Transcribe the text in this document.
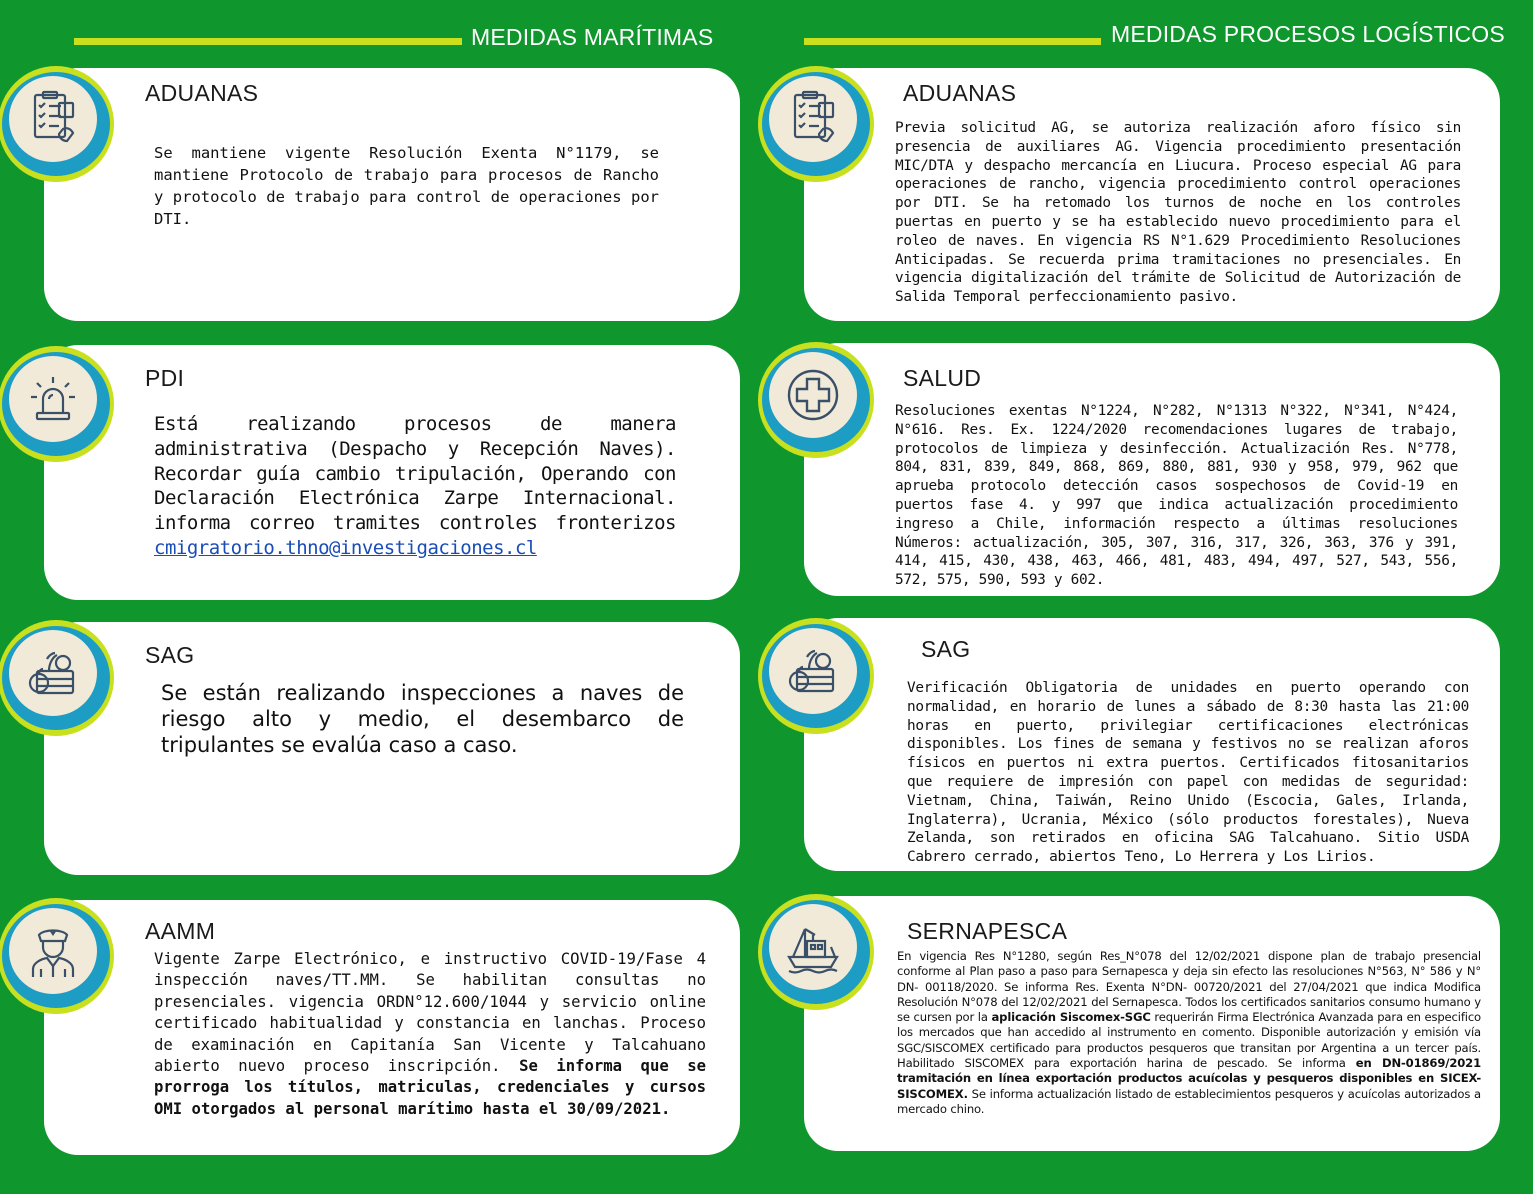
MEDIDAS MARÍTIMAS	MEDIDAS PROCESOS LOGÍSTICOS
ADUANAS
Se mantiene vigente Resolución Exenta N°1179, se mantiene Protocolo de trabajo para procesos de Rancho y protocolo de trabajo para control de operaciones por DTI.
PDI
Está realizando procesos de manera administrativa (Despacho y Recepción Naves). Recordar guía cambio tripulación, Operando con Declaración Electrónica Zarpe Internacional. informa correo tramites controles fronterizos cmigratorio.thno@investigaciones.cl
SAG
Se están realizando inspecciones a naves de riesgo alto y medio, el desembarco de tripulantes se evalúa caso a caso.
AAMM
Vigente Zarpe Electrónico, e instructivo COVID-19/Fase 4 inspección naves/TT.MM. Se habilitan consultas no presenciales. vigencia ORDN°12.600/1044 y servicio online certificado habitualidad y constancia en lanchas. Proceso de examinación en Capitanía San Vicente y Talcahuano abierto nuevo proceso inscripción. Se informa que se prorroga los títulos, matriculas, credenciales y cursos OMI otorgados al personal marítimo hasta el 30/09/2021.
ADUANAS
Previa solicitud AG, se autoriza realización aforo físico sin presencia de auxiliares AG. Vigencia procedimiento presentación MIC/DTA y despacho mercancía en Liucura. Proceso especial AG para operaciones de rancho, vigencia procedimiento control operaciones por DTI. Se ha retomado los turnos de noche en los controles puertas en puerto y se ha establecido nuevo procedimiento para el roleo de naves. En vigencia RS N°1.629 Procedimiento Resoluciones Anticipadas. Se recuerda prima tramitaciones no presenciales. En vigencia digitalización del trámite de Solicitud de Autorización de Salida Temporal perfeccionamiento pasivo.
SALUD
Resoluciones exentas N°1224, N°282, N°1313 N°322, N°341, N°424, N°616. Res. Ex. 1224/2020 recomendaciones lugares de trabajo, protocolos de limpieza y desinfección. Actualización Res. N°778, 804, 831, 839, 849, 868, 869, 880, 881, 930 y 958, 979, 962 que aprueba protocolo detección casos sospechosos de Covid-19 en puertos fase 4. y 997 que indica actualización procedimiento ingreso a Chile, información respecto a últimas resoluciones Números: actualización, 305, 307, 316, 317, 326, 363, 376 y 391, 414, 415, 430, 438, 463, 466, 481, 483, 494, 497, 527, 543, 556, 572, 575, 590, 593 y 602.
SAG
Verificación Obligatoria de unidades en puerto operando con normalidad, en horario de lunes a sábado de 8:30 hasta las 21:00 horas en puerto, privilegiar certificaciones electrónicas disponibles. Los fines de semana y festivos no se realizan aforos físicos en puertos ni extra puertos. Certificados fitosanitarios que requiere de impresión con papel con medidas de seguridad: Vietnam, China, Taiwán, Reino Unido (Escocia, Gales, Irlanda, Inglaterra), Ucrania, México (sólo productos forestales), Nueva Zelanda, son retirados en oficina SAG Talcahuano. Sitio USDA Cabrero cerrado, abiertos Teno, Lo Herrera y Los Lirios.
SERNAPESCA
En vigencia Res N°1280, según Res_N°078 del 12/02/2021 dispone plan de trabajo presencial conforme al Plan paso a paso para Sernapesca y deja sin efecto las resoluciones N°563, N° 586 y N° DN- 00118/2020. Se informa Res. Exenta N°DN- 00720/2021 del 27/04/2021 que indica Modifica Resolución N°078 del 12/02/2021 del Sernapesca. Todos los certificados sanitarios consumo humano y se cursen por la aplicación Siscomex-SGC requerirán Firma Electrónica Avanzada para en especifico los mercados que han accedido al instrumento en comento. Disponible autorización y emisión vía SGC/SISCOMEX certificado para productos pesqueros que transitan por Argentina a un tercer país. Habilitado SISCOMEX para exportación harina de pescado. Se informa en DN-01869/2021 tramitación en línea exportación productos acuícolas y pesqueros disponibles en SICEX-SISCOMEX. Se informa actualización listado de establecimientos pesqueros y acuícolas autorizados a mercado chino.
